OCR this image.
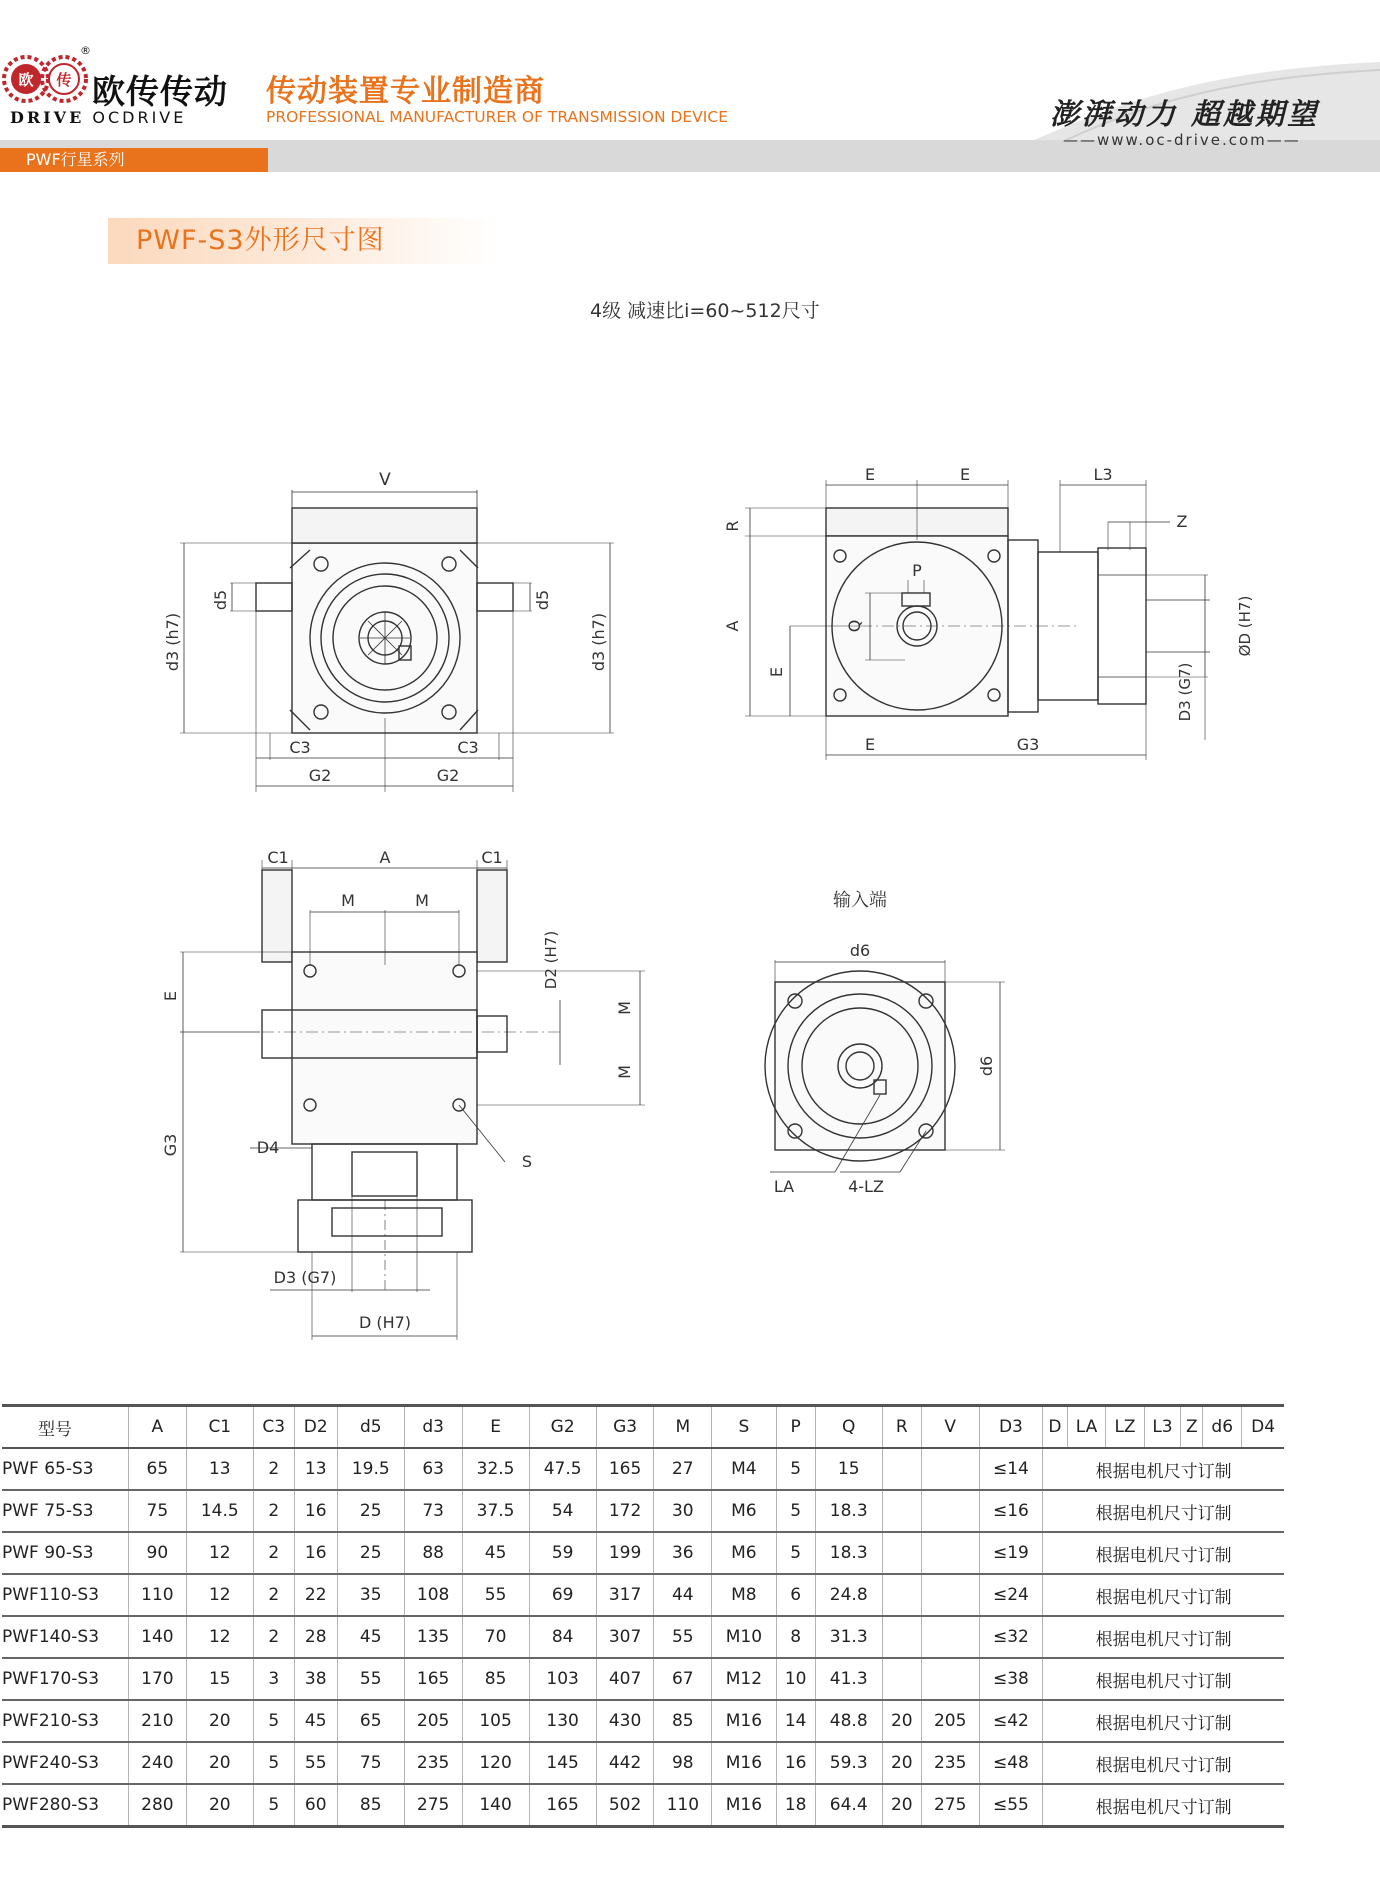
欧 传
®
欧传传动
DRIVE OCDRIVE
传动装置专业制造商
PROFESSIONAL MANUFACTURER OF TRANSMISSION DEVICE	澎湃动力 超越期望
——www.oc-drive.com——
PWF行星系列
PWF-S3外形尺寸图
4级 减速比i=60~512尺寸
V
d3 (h7)
d5	d5
d3 (h7)
C3	C3
G2	G2
E	E	L3
Z
R
A
E
P
Q	ØD (H7)
D3 (G7)
E	G3
C1	A	C1
M	M
E
G3
D2 (H7)
M
M
D4
S
D3 (G7)
D (H7)
输入端
d6
d6
LA	4-LZ
型号	A	C1	C3	D2	d5	d3	E	G2	G3	M	S	P	Q	R	V	D3	D	LA	LZ	L3	Z	d6	D4
PWF 65-S3	65	13	2	13	19.5	63	32.5	47.5	165	27	M4	5	15			≤14	根据电机尺寸订制						
PWF 75-S3	75	14.5	2	16	25	73	37.5	54	172	30	M6	5	18.3			≤16	根据电机尺寸订制						
PWF 90-S3	90	12	2	16	25	88	45	59	199	36	M6	5	18.3			≤19	根据电机尺寸订制						
PWF110-S3	110	12	2	22	35	108	55	69	317	44	M8	6	24.8			≤24	根据电机尺寸订制						
PWF140-S3	140	12	2	28	45	135	70	84	307	55	M10	8	31.3			≤32	根据电机尺寸订制						
PWF170-S3	170	15	3	38	55	165	85	103	407	67	M12	10	41.3			≤38	根据电机尺寸订制						
PWF210-S3	210	20	5	45	65	205	105	130	430	85	M16	14	48.8	20	205	≤42	根据电机尺寸订制						
PWF240-S3	240	20	5	55	75	235	120	145	442	98	M16	16	59.3	20	235	≤48	根据电机尺寸订制						
PWF280-S3	280	20	5	60	85	275	140	165	502	110	M16	18	64.4	20	275	≤55	根据电机尺寸订制						
